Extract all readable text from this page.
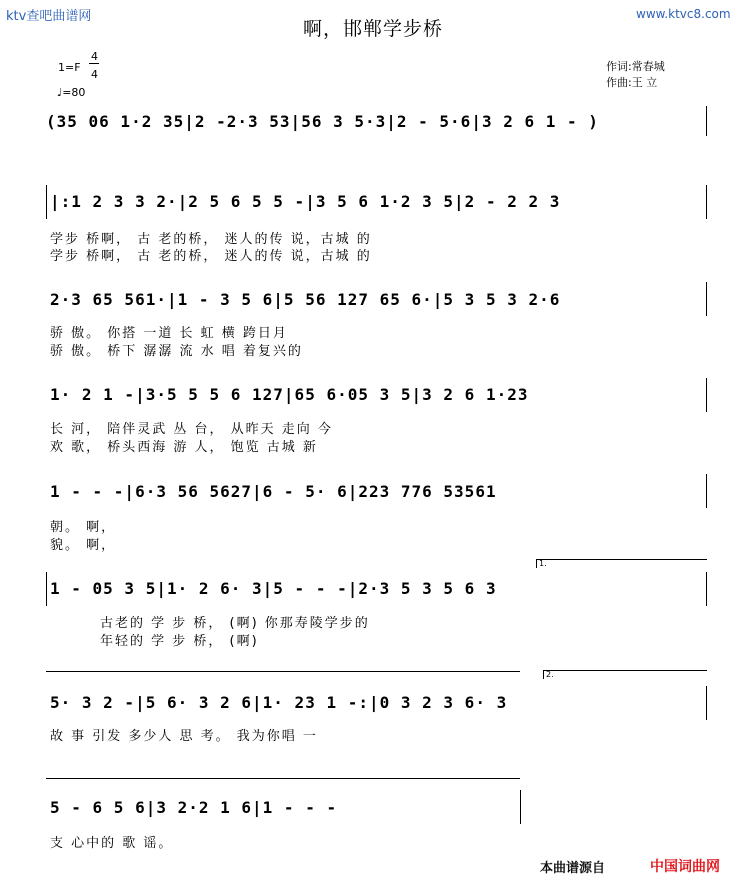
ktv查吧曲谱网	www.ktvc8.com
啊，邯郸学步桥
1=F
4
4
♩=80
作词:常春城
作曲:王 立
(35 06 1·2 35|2 -2·3 53|56 3 5·3|2 - 5·6|3 2 6 1 - )
|:1 2 3 3 2·|2 5 6 5 5 -|3 5 6 1·2 3 5|2 - 2 2 3
学步 桥啊， 古 老的桥， 迷人的传 说，古城 的
学步 桥啊， 古 老的桥， 迷人的传 说，古城 的
2·3 65 561·|1 - 3 5 6|5 56 127 65 6·|5 3 5 3 2·6
骄 傲。 你搭 一道 长 虹 横 跨日月
骄 傲。 桥下 潺潺 流 水 唱 着复兴的
1· 2 1 -|3·5 5 5 6 127|65 6·05 3 5|3 2 6 1·23
长 河， 陪伴灵武 丛 台， 从昨天 走向 今
欢 歌， 桥头西海 游 人， 饱览 古城 新
1 - - -|6·3 56 5627|6 - 5· 6|223 776 53561
朝。 啊，
貌。 啊，
1.
1 - 05 3 5|1· 2 6· 3|5 - - -|2·3 5 3 5 6 3
古老的 学 步 桥， (啊) 你那寿陵学步的
年轻的 学 步 桥， (啊)
2.
5· 3 2 -|5 6· 3 2 6|1· 23 1 -:|0 3 2 3 6· 3
故 事 引发 多少人 思 考。 我为你唱 一
5 - 6 5 6|3 2·2 1 6|1 - - -
支 心中的 歌 谣。
本曲谱源自	中国词曲网
